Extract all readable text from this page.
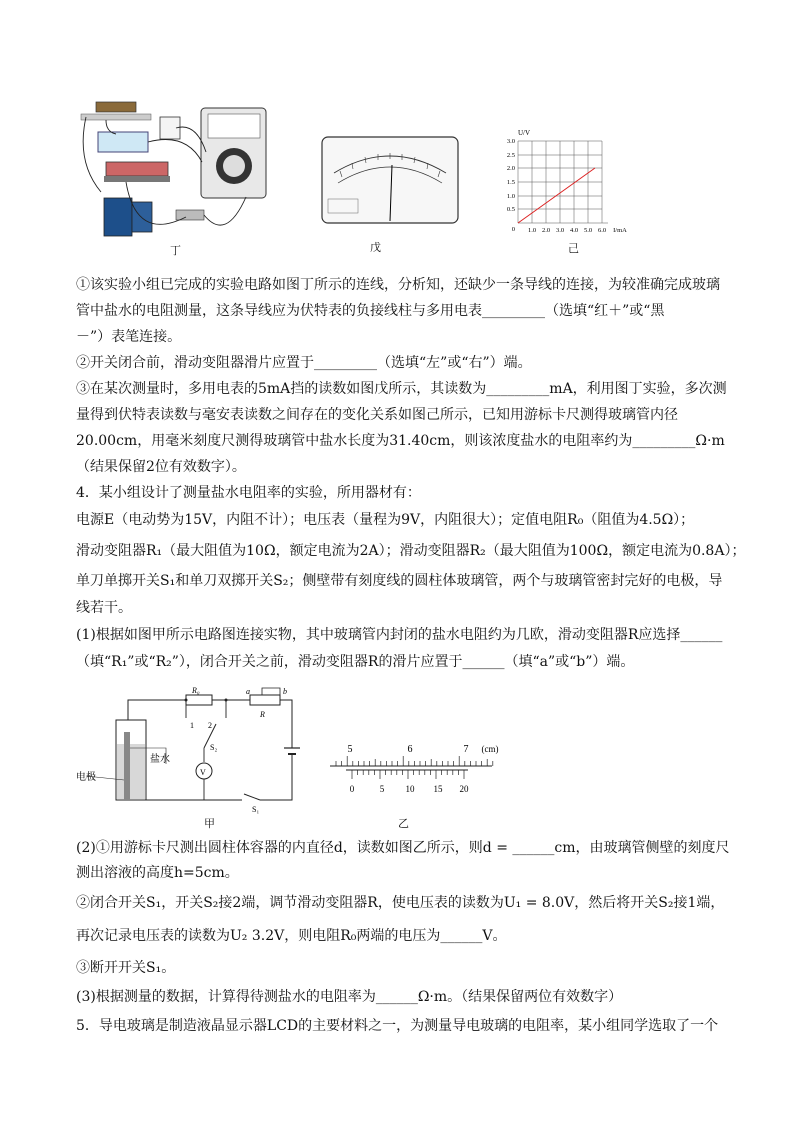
丁	戊
U/V
3.0
2.5
2.0
1.5
1.0
0.5
0 1.0 2.0 3.0 4.0 5.0 6.0 I/mA
己
①该实验小组已完成的实验电路如图丁所示的连线，分析知，还缺少一条导线的连接，为较准确完成玻璃
管中盐水的电阻测量，这条导线应为伏特表的负接线柱与多用电表_________（选填“红＋”或“黑
－”）表笔连接。
②开关闭合前，滑动变阻器滑片应置于_________（选填“左”或“右”）端。
③在某次测量时，多用电表的5mA挡的读数如图戊所示，其读数为_________mA，利用图丁实验，多次测
量得到伏特表读数与毫安表读数之间存在的变化关系如图己所示，已知用游标卡尺测得玻璃管内径
20.00cm，用毫米刻度尺测得玻璃管中盐水长度为31.40cm，则该浓度盐水的电阻率约为_________Ω·m
（结果保留2位有效数字）。
4．某小组设计了测量盐水电阻率的实验，所用器材有：
电源E（电动势为15V，内阻不计）；电压表（量程为9V，内阻很大）；定值电阻R₀（阻值为4.5Ω）；
滑动变阻器R₁（最大阻值为10Ω，额定电流为2A）；滑动变阻器R₂（最大阻值为100Ω，额定电流为0.8A）；
单刀单掷开关S₁和单刀双掷开关S₂；侧壁带有刻度线的圆柱体玻璃管，两个与玻璃管密封完好的电极，导
线若干。
(1)根据如图甲所示电路图连接实物，其中玻璃管内封闭的盐水电阻约为几欧，滑动变阻器R应选择______
（填“R₁”或“R₂”），闭合开关之前，滑动变阻器R的滑片应置于______（填“a”或“b”）端。
V
R₀	a	b
R
1 2
S₂
S₁
盐水
电极
甲
5	6	7 (cm)
0	5 10 15 20
乙
(2)①用游标卡尺测出圆柱体容器的内直径d，读数如图乙所示，则d = ______cm，由玻璃管侧壁的刻度尺
测出溶液的高度h=5cm。
②闭合开关S₁，开关S₂接2端，调节滑动变阻器R，使电压表的读数为U₁ = 8.0V，然后将开关S₂接1端，
再次记录电压表的读数为U₂ 3.2V，则电阻R₀两端的电压为______V。
③断开开关S₁。
(3)根据测量的数据，计算得待测盐水的电阻率为______Ω·m。（结果保留两位有效数字）
5．导电玻璃是制造液晶显示器LCD的主要材料之一，为测量导电玻璃的电阻率，某小组同学选取了一个
